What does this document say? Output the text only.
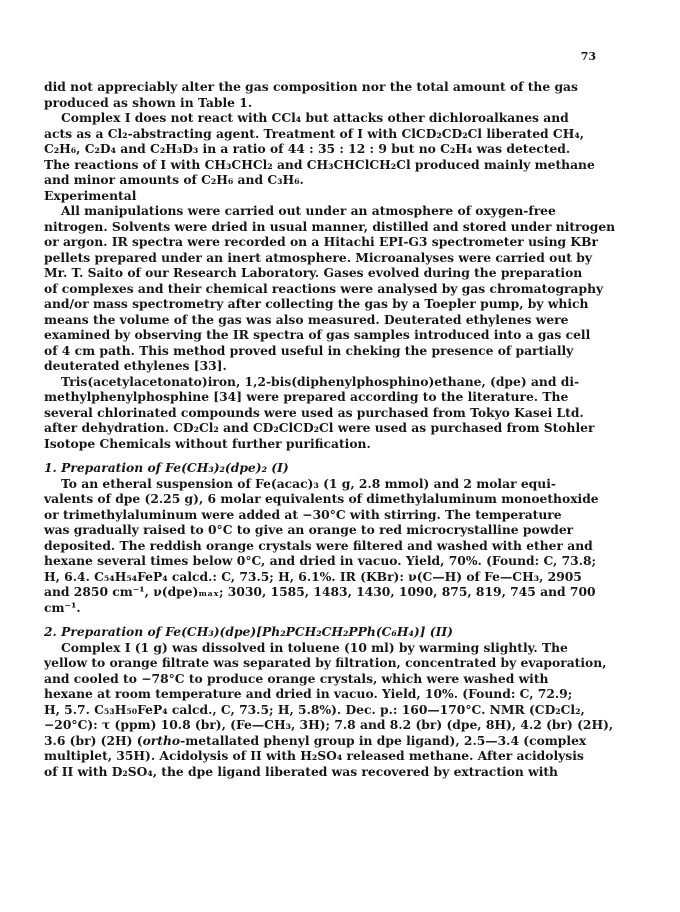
73

did not appreciably alter the gas composition nor the total amount of the gas

produced as shown in Table 1.

Complex I does not react with CCl₄ but attacks other dichloroalkanes and

acts as a Cl₂-abstracting agent. Treatment of I with ClCD₂CD₂Cl liberated CH₄,

C₂H₆, C₂D₄ and C₂H₃D₃ in a ratio of 44 : 35 : 12 : 9 but no C₂H₄ was detected.

The reactions of I with CH₃CHCl₂ and CH₃CHClCH₂Cl produced mainly methane

and minor amounts of C₂H₆ and C₃H₆.

Experimental

All manipulations were carried out under an atmosphere of oxygen-free

nitrogen. Solvents were dried in usual manner, distilled and stored under nitrogen

or argon. IR spectra were recorded on a Hitachi EPI-G3 spectrometer using KBr

pellets prepared under an inert atmosphere. Microanalyses were carried out by

Mr. T. Saito of our Research Laboratory. Gases evolved during the preparation

of complexes and their chemical reactions were analysed by gas chromatography

and/or mass spectrometry after collecting the gas by a Toepler pump, by which

means the volume of the gas was also measured. Deuterated ethylenes were

examined by observing the IR spectra of gas samples introduced into a gas cell

of 4 cm path. This method proved useful in cheking the presence of partially

deuterated ethylenes [33].

Tris(acetylacetonato)iron, 1,2-bis(diphenylphosphino)ethane, (dpe) and di-

methylphenylphosphine [34] were prepared according to the literature. The

several chlorinated compounds were used as purchased from Tokyo Kasei Ltd.

after dehydration. CD₂Cl₂ and CD₂ClCD₂Cl were used as purchased from Stohler

Isotope Chemicals without further purification.

1. Preparation of Fe(CH₃)₂(dpe)₂ (I)

To an etheral suspension of Fe(acac)₃ (1 g, 2.8 mmol) and 2 molar equi-

valents of dpe (2.25 g), 6 molar equivalents of dimethylaluminum monoethoxide

or trimethylaluminum were added at −30°C with stirring. The temperature

was gradually raised to 0°C to give an orange to red microcrystalline powder

deposited. The reddish orange crystals were filtered and washed with ether and

hexane several times below 0°C, and dried in vacuo. Yield, 70%. (Found: C, 73.8;

H, 6.4. C₅₄H₅₄FeP₄ calcd.: C, 73.5; H, 6.1%. IR (KBr): ν(C—H) of Fe—CH₃, 2905

and 2850 cm⁻¹, ν(dpe)ₘₐₓ; 3030, 1585, 1483, 1430, 1090, 875, 819, 745 and 700

cm⁻¹.

2. Preparation of Fe(CH₃)(dpe)[Ph₂PCH₂CH₂PPh(C₆H₄)] (II)

Complex I (1 g) was dissolved in toluene (10 ml) by warming slightly. The

yellow to orange filtrate was separated by filtration, concentrated by evaporation,

and cooled to −78°C to produce orange crystals, which were washed with

hexane at room temperature and dried in vacuo. Yield, 10%. (Found: C, 72.9;

H, 5.7. C₅₃H₅₀FeP₄ calcd., C, 73.5; H, 5.8%). Dec. p.: 160—170°C. NMR (CD₂Cl₂,

−20°C): τ (ppm) 10.8 (br), (Fe—CH₃, 3H); 7.8 and 8.2 (br) (dpe, 8H), 4.2 (br) (2H),

3.6 (br) (2H) (ortho-metallated phenyl group in dpe ligand), 2.5—3.4 (complex

multiplet, 35H). Acidolysis of II with H₂SO₄ released methane. After acidolysis

of II with D₂SO₄, the dpe ligand liberated was recovered by extraction with
